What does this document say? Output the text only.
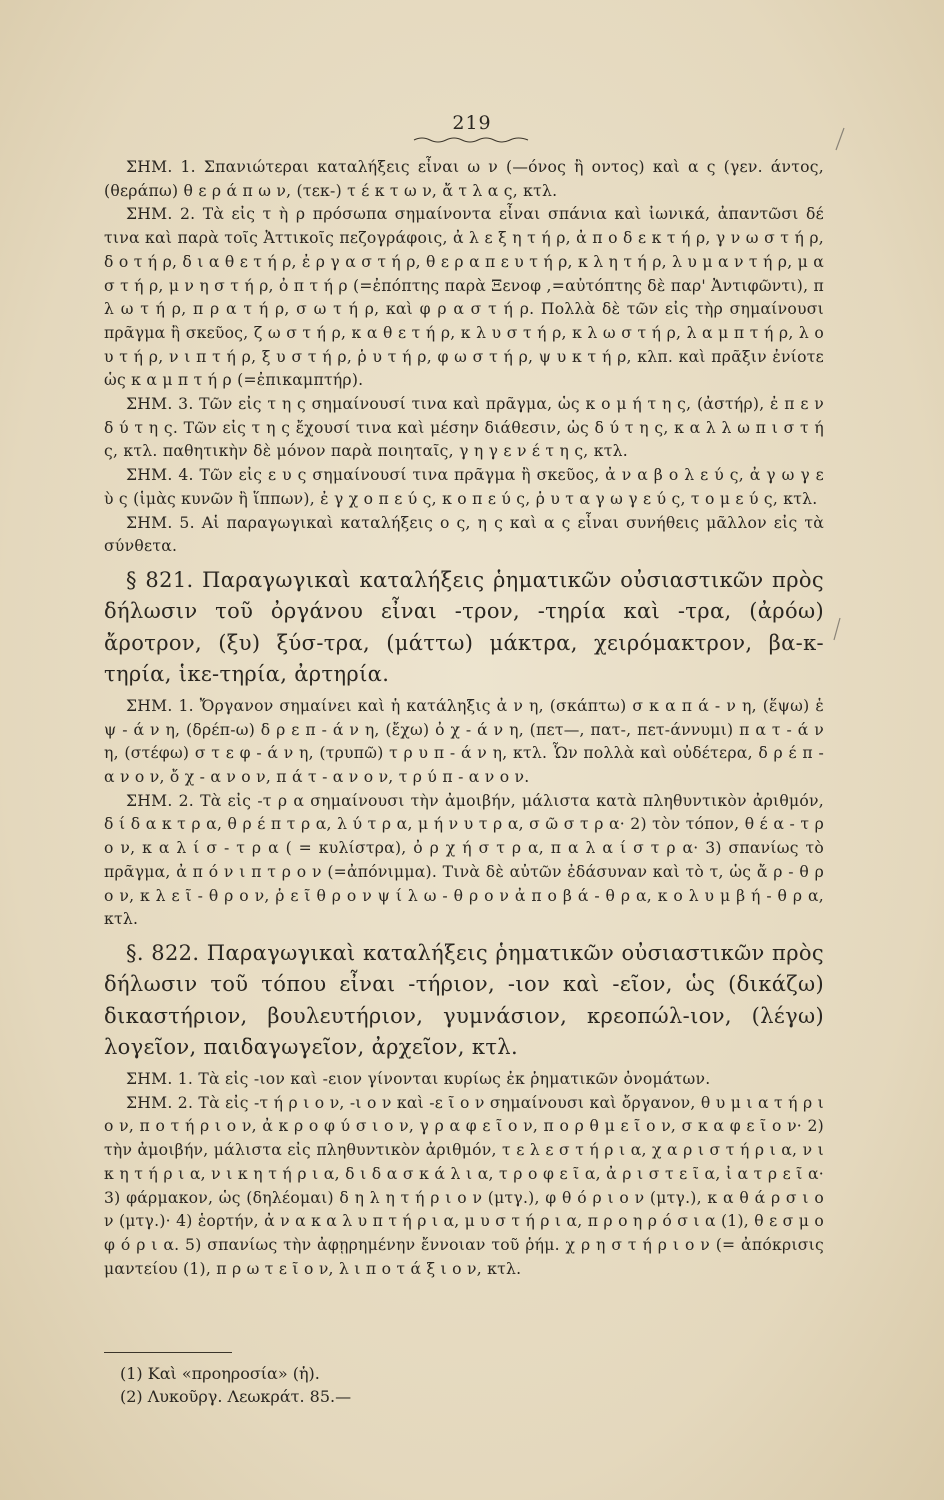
219

ΣΗΜ. 1. Σπανιώτεραι καταλήξεις εἶναι ω ν (—όνος ἢ οντος) καὶ α ς (γεν. άντος, (θεράπω) θ ε ρ ά π ω ν, (τεκ-) τ έ κ τ ω ν, ἄ τ λ α ς, κτλ.

ΣΗΜ. 2. Τὰ εἰς τ ὴ ρ πρόσωπα σημαίνοντα εἶναι σπάνια καὶ ἰωνικά, ἀπαντῶσι δέ τινα καὶ παρὰ τοῖς Ἀττικοῖς πεζογράφοις, ἀ λ ε ξ η τ ή ρ, ἀ π ο δ ε κ τ ή ρ, γ ν ω σ τ ή ρ, δ ο τ ή ρ, δ ι α θ ε τ ή ρ, ἐ ρ γ α σ τ ή ρ, θ ε ρ α π ε υ τ ή ρ, κ λ η τ ή ρ, λ υ μ α ν τ ή ρ, μ α σ τ ή ρ, μ ν η σ τ ή ρ, ὀ π τ ή ρ (=ἐπόπτης παρὰ Ξενοφ ,=αὐτόπτης δὲ παρ' Ἀντιφῶντι), π λ ω τ ή ρ, π ρ α τ ή ρ, σ ω τ ή ρ, καὶ φ ρ α σ τ ή ρ. Πολλὰ δὲ τῶν εἰς τὴρ σημαίνουσι πρᾶγμα ἢ σκεῦος, ζ ω σ τ ή ρ, κ α θ ε τ ή ρ, κ λ υ σ τ ή ρ, κ λ ω σ τ ή ρ, λ α μ π τ ή ρ, λ ο υ τ ή ρ, ν ι π τ ή ρ, ξ υ σ τ ή ρ, ῥ υ τ ή ρ, φ ω σ τ ή ρ, ψ υ κ τ ή ρ, κλπ. καὶ πρᾶξιν ἐνίοτε ὡς κ α μ π τ ή ρ (=ἐπικαμπτήρ).

ΣΗΜ. 3. Τῶν εἰς τ η ς σημαίνουσί τινα καὶ πρᾶγμα, ὡς κ ο μ ή τ η ς, (ἀστήρ), ἐ π ε ν δ ύ τ η ς. Τῶν εἰς τ η ς ἔχουσί τινα καὶ μέσην διάθεσιν, ὡς δ ύ τ η ς, κ α λ λ ω π ι σ τ ή ς, κτλ. παθητικὴν δὲ μόνον παρὰ ποιηταῖς, γ η γ ε ν έ τ η ς, κτλ.

ΣΗΜ. 4. Τῶν εἰς ε υ ς σημαίνουσί τινα πρᾶγμα ἢ σκεῦος, ἀ ν α β ο λ ε ύ ς, ἀ γ ω γ ε ὺ ς (ἱμὰς κυνῶν ἢ ἵππων), ἐ γ χ ο π ε ύ ς, κ ο π ε ύ ς, ῥ υ τ α γ ω γ ε ύ ς, τ ο μ ε ύ ς, κτλ.

ΣΗΜ. 5. Αἱ παραγωγικαὶ καταλήξεις ο ς, η ς καὶ α ς εἶναι συνήθεις μᾶλλον εἰς τὰ σύνθετα.

§ 821. Παραγωγικαὶ καταλήξεις ῥηματικῶν οὐσιαστικῶν πρὸς δήλωσιν τοῦ ὀργάνου εἶναι -τρον, -τηρία καὶ -τρα, (ἀρόω) ἄροτρον, (ξυ) ξύσ-τρα, (μάττω) μάκτρα, χειρόμακτρον, βα-κ-τηρία, ἱκε-τηρία, ἀρτηρία.

ΣΗΜ. 1. Ὄργανον σημαίνει καὶ ἡ κατάληξις ἀ ν η, (σκάπτω) σ κ α π ά - ν η, (ἕψω) ἑ ψ - ά ν η, (δρέπ-ω) δ ρ ε π - ά ν η, (ἔχω) ὀ χ - ά ν η, (πετ—, πατ-, πετ-άννυμι) π α τ - ά ν η, (στέφω) σ τ ε φ - ά ν η, (τρυπῶ) τ ρ υ π - ά ν η, κτλ. Ὧν πολλὰ καὶ οὐδέτερα, δ ρ έ π - α ν ο ν, ὄ χ - α ν ο ν, π ά τ - α ν ο ν, τ ρ ύ π - α ν ο ν.

ΣΗΜ. 2. Τὰ εἰς -τ ρ α σημαίνουσι τὴν ἀμοιβήν, μάλιστα κατὰ πληθυντικὸν ἀριθμόν, δ ί δ α κ τ ρ α, θ ρ έ π τ ρ α, λ ύ τ ρ α, μ ή ν υ τ ρ α, σ ῶ σ τ ρ α· 2) τὸν τόπον, θ έ α - τ ρ ο ν, κ α λ ί σ - τ ρ α ( = κυλίστρα), ὀ ρ χ ή σ τ ρ α, π α λ α ί σ τ ρ α· 3) σπανίως τὸ πρᾶγμα, ἀ π ό ν ι π τ ρ ο ν (=ἀπόνιμμα). Τινὰ δὲ αὐτῶν ἐδάσυναν καὶ τὸ τ, ὡς ἄ ρ - θ ρ ο ν, κ λ ε ῖ - θ ρ ο ν, ῥ ε ῖ θ ρ ο ν ψ ί λ ω - θ ρ ο ν ἀ π ο β ά - θ ρ α, κ ο λ υ μ β ή - θ ρ α, κτλ.

§. 822. Παραγωγικαὶ καταλήξεις ῥηματικῶν οὐσιαστικῶν πρὸς δήλωσιν τοῦ τόπου εἶναι -τήριον, -ιον καὶ -εῖον, ὡς (δικάζω) δικαστήριον, βουλευτήριον, γυμνάσιον, κρεοπώλ-ιον, (λέγω) λογεῖον, παιδαγωγεῖον, ἀρχεῖον, κτλ.

ΣΗΜ. 1. Τὰ εἰς -ιον καὶ -ειον γίνονται κυρίως ἐκ ῥηματικῶν ὀνομάτων.

ΣΗΜ. 2. Τὰ εἰς -τ ή ρ ι ο ν, -ι ο ν καὶ -ε ῖ ο ν σημαίνουσι καὶ ὄργανον, θ υ μ ι α τ ή ρ ι ο ν, π ο τ ή ρ ι ο ν, ἀ κ ρ ο φ ύ σ ι ο ν, γ ρ α φ ε ῖ ο ν, π ο ρ θ μ ε ῖ ο ν, σ κ α φ ε ῖ ο ν· 2) τὴν ἀμοιβήν, μάλιστα εἰς πληθυντικὸν ἀριθμόν, τ ε λ ε σ τ ή ρ ι α, χ α ρ ι σ τ ή ρ ι α, ν ι κ η τ ή ρ ι α, ν ι κ η τ ή ρ ι α, δ ι δ α σ κ ά λ ι α, τ ρ ο φ ε ῖ α, ἀ ρ ι σ τ ε ῖ α, ἰ α τ ρ ε ῖ α· 3) φάρμακον, ὡς (δηλέομαι) δ η λ η τ ή ρ ι ο ν (μτγ.), φ θ ό ρ ι ο ν (μτγ.), κ α θ ά ρ σ ι ο ν (μτγ.)· 4) ἑορτήν, ἀ ν α κ α λ υ π τ ή ρ ι α, μ υ σ τ ή ρ ι α, π ρ ο η ρ ό σ ι α (1), θ ε σ μ ο φ ό ρ ι α. 5) σπανίως τὴν ἀφῃρημένην ἔννοιαν τοῦ ῥήμ. χ ρ η σ τ ή ρ ι ο ν (= ἀπόκρισις μαντείου (1), π ρ ω τ ε ῖ ο ν, λ ι π ο τ ά ξ ι ο ν, κτλ.

(1) Καὶ «προηροσία» (ἡ).

(2) Λυκοῦργ. Λεωκράτ. 85.—
